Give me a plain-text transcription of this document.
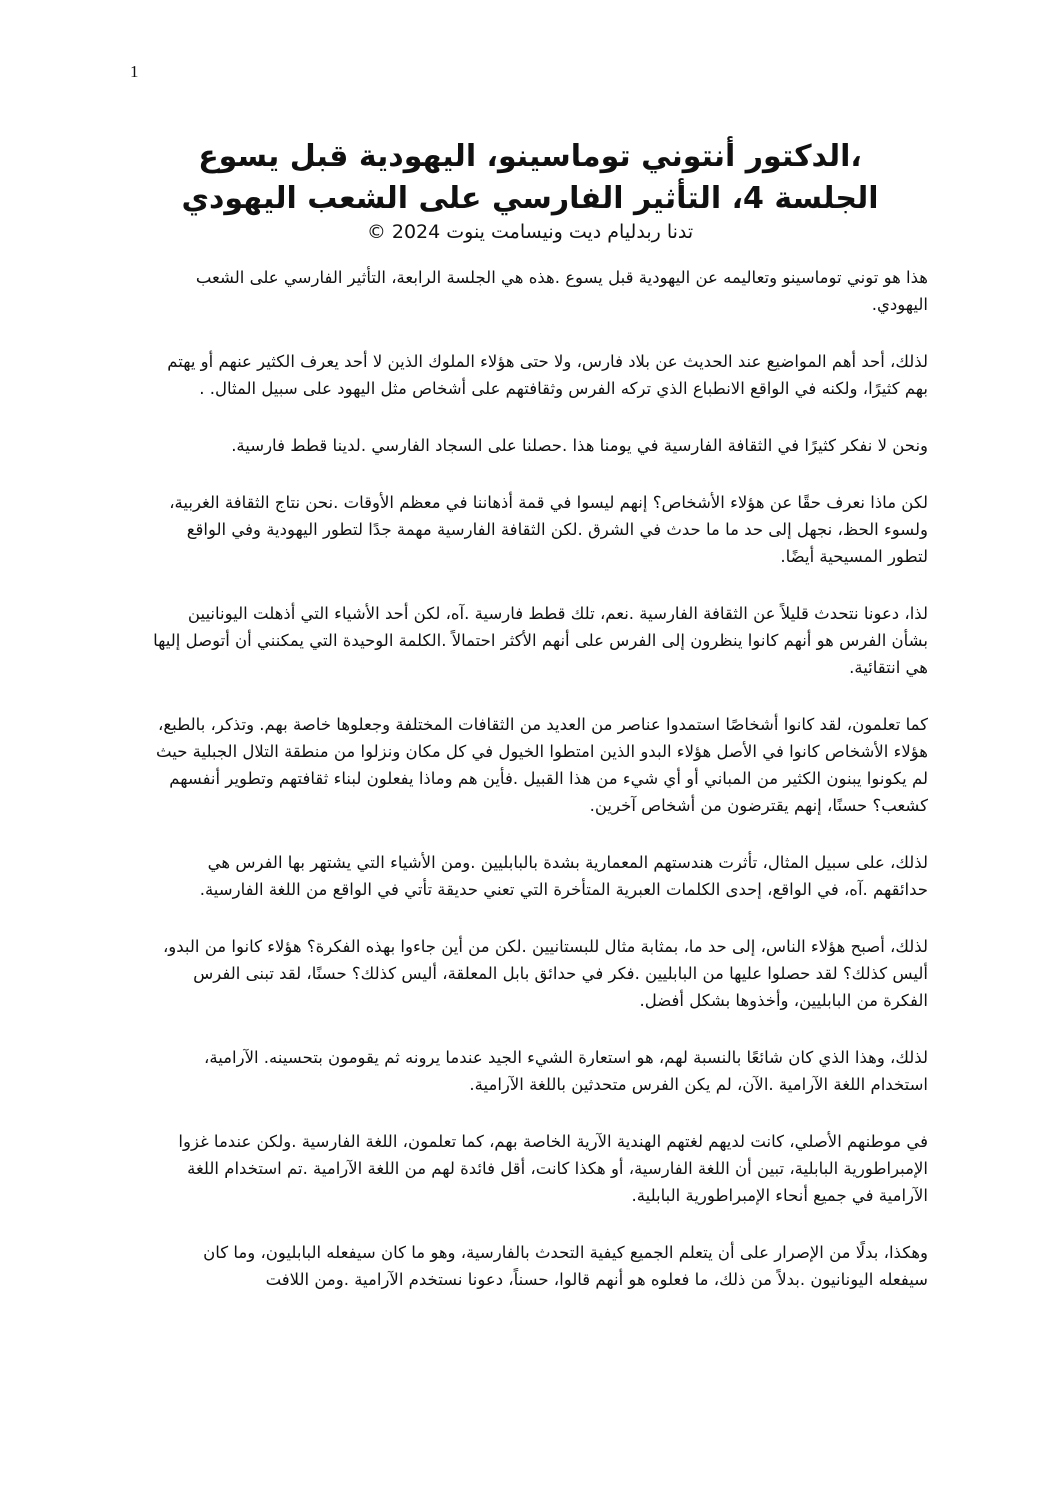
1
،الدكتور أنتوني توماسينو، اليهودية قبل يسوع
الجلسة 4، التأثير الفارسي على الشعب اليهودي
© 2024 تدنا ربدليام ديت ونيسامت ينوت

هذا هو توني توماسينو وتعاليمه عن اليهودية قبل يسوع .هذه هي الجلسة الرابعة، التأثير الفارسي على الشعب اليهودي.

لذلك، أحد أهم المواضيع عند الحديث عن بلاد فارس، ولا حتى هؤلاء الملوك الذين لا أحد يعرف الكثير عنهم أو يهتم بهم كثيرًا، ولكنه في الواقع الانطباع الذي تركه الفرس وثقافتهم على أشخاص مثل اليهود على سبيل المثال. .

ونحن لا نفكر كثيرًا في الثقافة الفارسية في يومنا هذا .حصلنا على السجاد الفارسي .لدينا قطط فارسية.

لكن ماذا نعرف حقًا عن هؤلاء الأشخاص؟ إنهم ليسوا في قمة أذهاننا في معظم الأوقات .نحن نتاج الثقافة الغربية، ولسوء الحظ، نجهل إلى حد ما ما حدث في الشرق .لكن الثقافة الفارسية مهمة جدًا لتطور اليهودية وفي الواقع لتطور المسيحية أيضًا.

لذا، دعونا نتحدث قليلاً عن الثقافة الفارسية .نعم، تلك قطط فارسية .آه، لكن أحد الأشياء التي أذهلت اليونانيين بشأن الفرس هو أنهم كانوا ينظرون إلى الفرس على أنهم الأكثر احتمالاً .الكلمة الوحيدة التي يمكنني أن أتوصل إليها هي انتقائية.

كما تعلمون، لقد كانوا أشخاصًا استمدوا عناصر من العديد من الثقافات المختلفة وجعلوها خاصة بهم. وتذكر، بالطبع، هؤلاء الأشخاص كانوا في الأصل هؤلاء البدو الذين امتطوا الخيول في كل مكان ونزلوا من منطقة التلال الجبلية حيث لم يكونوا يبنون الكثير من المباني أو أي شيء من هذا القبيل .فأين هم وماذا يفعلون لبناء ثقافتهم وتطوير أنفسهم كشعب؟ حسنًا، إنهم يقترضون من أشخاص آخرين.

لذلك، على سبيل المثال، تأثرت هندستهم المعمارية بشدة بالبابليين .ومن الأشياء التي يشتهر بها الفرس هي حدائقهم .آه، في الواقع، إحدى الكلمات العبرية المتأخرة التي تعني حديقة تأتي في الواقع من اللغة الفارسية.

لذلك، أصبح هؤلاء الناس، إلى حد ما، بمثابة مثال للبستانيين .لكن من أين جاءوا بهذه الفكرة؟ هؤلاء كانوا من البدو، أليس كذلك؟ لقد حصلوا عليها من البابليين .فكر في حدائق بابل المعلقة، أليس كذلك؟ حسنًا، لقد تبنى الفرس الفكرة من البابليين، وأخذوها بشكل أفضل.

لذلك، وهذا الذي كان شائعًا بالنسبة لهم، هو استعارة الشيء الجيد عندما يرونه ثم يقومون بتحسينه. الآرامية، استخدام اللغة الآرامية .الآن، لم يكن الفرس متحدثين باللغة الآرامية.

في موطنهم الأصلي، كانت لديهم لغتهم الهندية الآرية الخاصة بهم، كما تعلمون، اللغة الفارسية .ولكن عندما غزوا الإمبراطورية البابلية، تبين أن اللغة الفارسية، أو هكذا كانت، أقل فائدة لهم من اللغة الآرامية .تم استخدام اللغة الآرامية في جميع أنحاء الإمبراطورية البابلية.

وهكذا، بدلًا من الإصرار على أن يتعلم الجميع كيفية التحدث بالفارسية، وهو ما كان سيفعله البابليون، وما كان سيفعله اليونانيون .بدلاً من ذلك، ما فعلوه هو أنهم قالوا، حسناً، دعونا نستخدم الآرامية .ومن اللافت
